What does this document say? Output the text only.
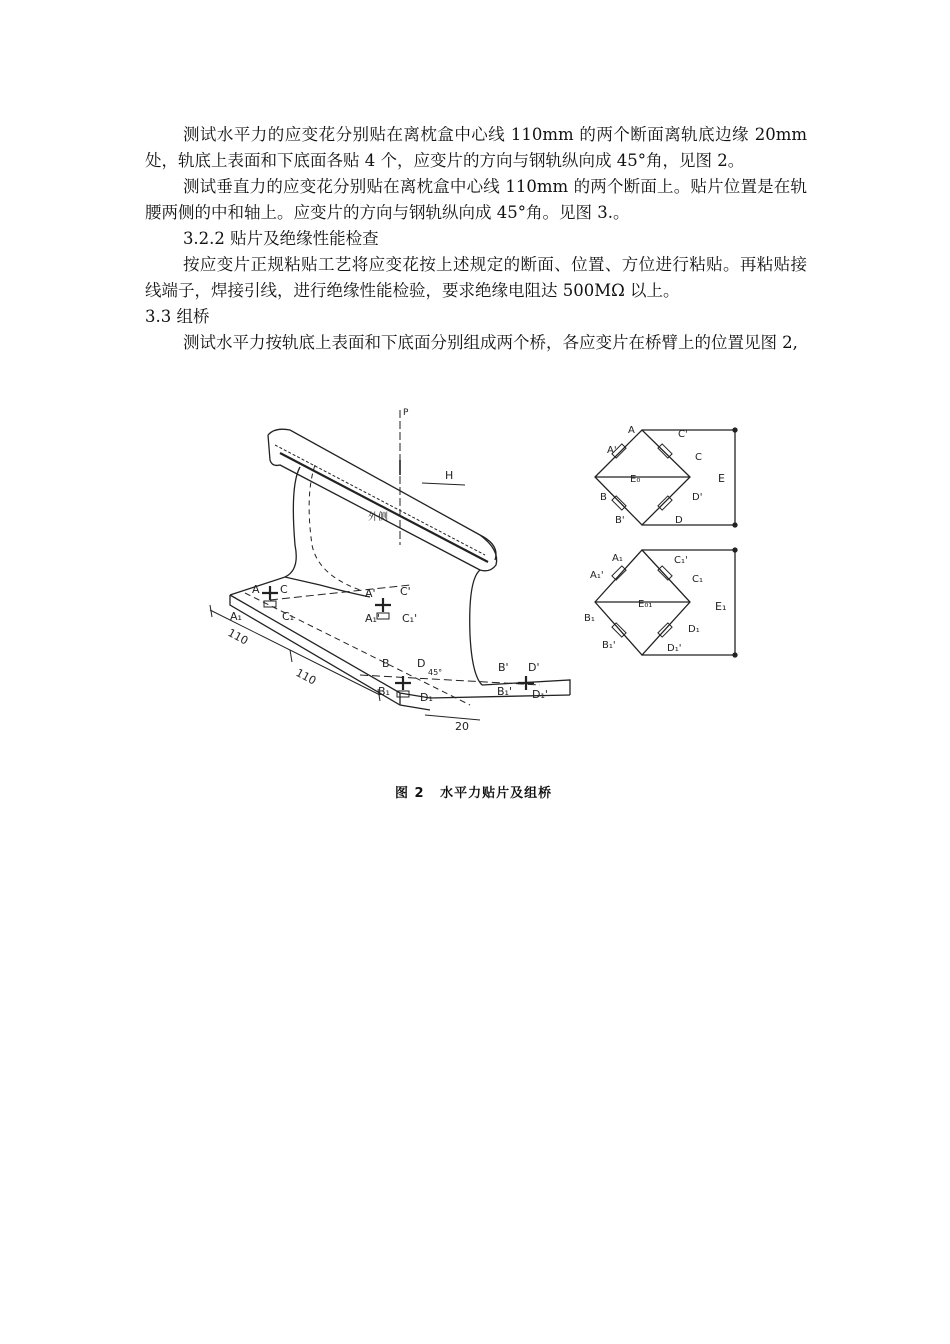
测试水平力的应变花分别贴在离枕盒中心线 110mm 的两个断面离轨底边缘 20mm 处，轨底上表面和下底面各贴 4 个，应变片的方向与钢轨纵向成 45°角，见图 2。

测试垂直力的应变花分别贴在离枕盒中心线 110mm 的两个断面上。贴片位置是在轨腰两侧的中和轴上。应变片的方向与钢轨纵向成 45°角。见图 3.。

3.2.2 贴片及绝缘性能检查

按应变片正规粘贴工艺将应变花按上述规定的断面、位置、方位进行粘贴。再粘贴接线端子，焊接引线，进行绝缘性能检验，要求绝缘电阻达 500MΩ 以上。

3.3 组桥

测试水平力按轨底上表面和下底面分别组成两个桥，各应变片在桥臂上的位置见图 2,

P
H
外侧
A C
A₁	C₁
A' C'
A₁' C₁'
B D
B₁	D₁
B' D'
B₁' D₁'
110
110
20
45°
A
A'
C'
C
B
B'
D'
D
E₀	E
A₁
A₁'
C₁'
C₁
B₁
B₁'
D₁
D₁'
E₀₁	E₁
图 2 水平力贴片及组桥
